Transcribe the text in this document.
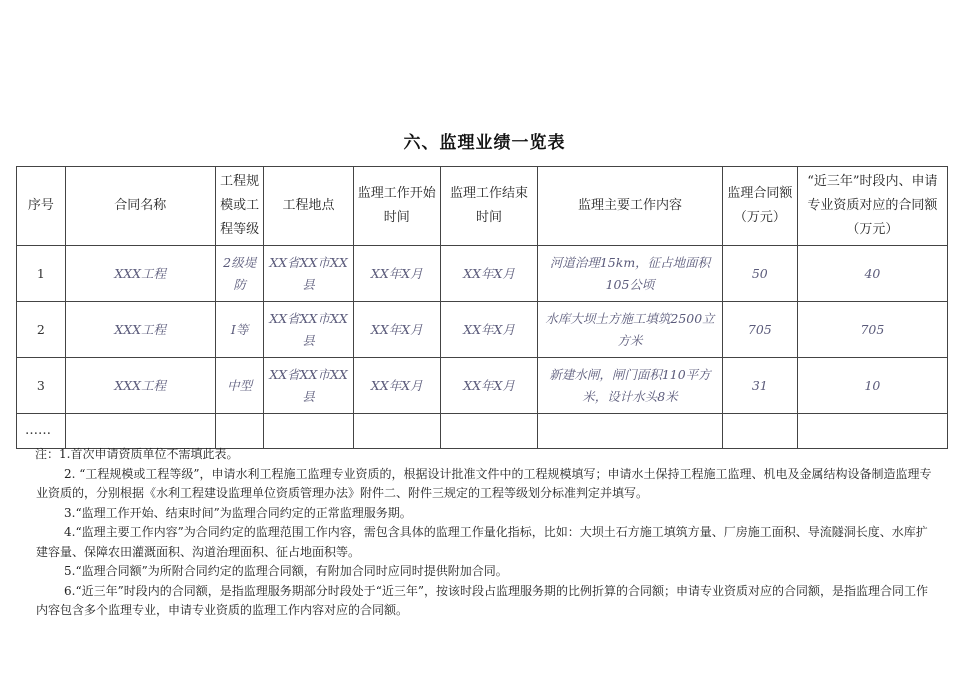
六、监理业绩一览表
序号	合同名称	工程规模或工程等级	工程地点	监理工作开始时间	监理工作结束时间	监理主要工作内容	监理合同额（万元）	“近三年”时段内、申请专业资质对应的合同额（万元）
1	XXX工程	2级堤防	XX省XX市XX县	XX年X月	XX年X月	河道治理15km，征占地面积105公顷	50	40
2	XXX工程	I等	XX省XX市XX县	XX年X月	XX年X月	水库大坝土方施工填筑2500立方米	705	705
3	XXX工程	中型	XX省XX市XX县	XX年X月	XX年X月	新建水闸，闸门面积110平方米，设计水头8米	31	10
……								

注：1.首次申请资质单位不需填此表。

2. “工程规模或工程等级”，申请水利工程施工监理专业资质的，根据设计批准文件中的工程规模填写；申请水土保持工程施工监理、机电及金属结构设备制造监理专业资质的，分别根据《水利工程建设监理单位资质管理办法》附件二、附件三规定的工程等级划分标准判定并填写。

3.“监理工作开始、结束时间”为监理合同约定的正常监理服务期。

4.“监理主要工作内容”为合同约定的监理范围工作内容，需包含具体的监理工作量化指标，比如：大坝土石方施工填筑方量、厂房施工面积、导流隧洞长度、水库扩建容量、保障农田灌溉面积、沟道治理面积、征占地面积等。

5.“监理合同额”为所附合同约定的监理合同额，有附加合同时应同时提供附加合同。

6.“近三年”时段内的合同额，是指监理服务期部分时段处于“近三年”，按该时段占监理服务期的比例折算的合同额；申请专业资质对应的合同额，是指监理合同工作内容包含多个监理专业，申请专业资质的监理工作内容对应的合同额。
